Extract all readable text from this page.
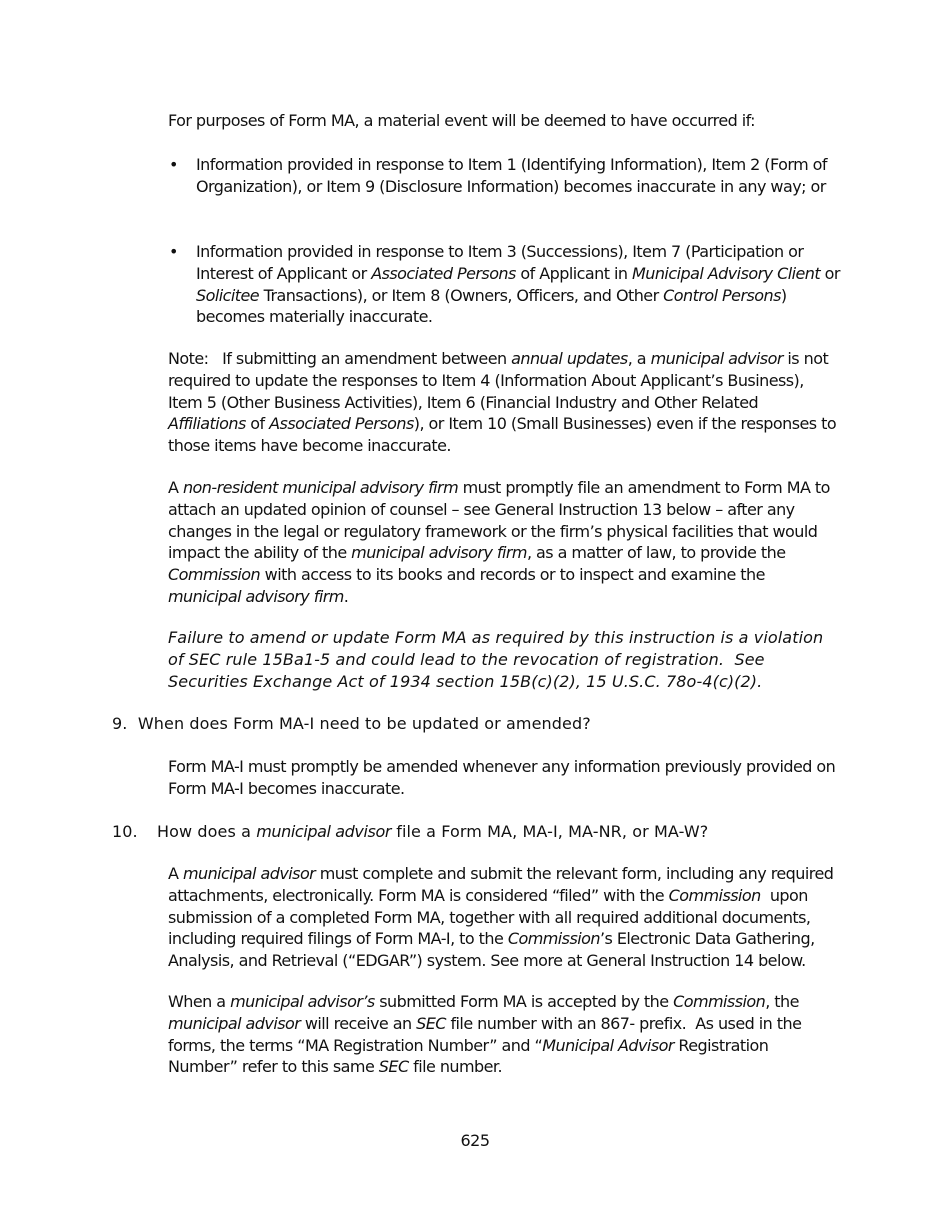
For purposes of Form MA, a material event will be deemed to have occurred if:
• Information provided in response to Item 1 (Identifying Information), Item 2 (Form of Organization), or Item 9 (Disclosure Information) becomes inaccurate in any way; or
• Information provided in response to Item 3 (Successions), Item 7 (Participation or Interest of Applicant or Associated Persons of Applicant in Municipal Advisory Client or Solicitee Transactions), or Item 8 (Owners, Officers, and Other Control Persons) becomes materially inaccurate.
Note:   If submitting an amendment between annual updates, a municipal advisor is not required to update the responses to Item 4 (Information About Applicant’s Business), Item 5 (Other Business Activities), Item 6 (Financial Industry and Other Related Affiliations of Associated Persons), or Item 10 (Small Businesses) even if the responses to those items have become inaccurate.
A non-resident municipal advisory firm must promptly file an amendment to Form MA to attach an updated opinion of counsel – see General Instruction 13 below – after any changes in the legal or regulatory framework or the firm’s physical facilities that would impact the ability of the municipal advisory firm, as a matter of law, to provide the Commission with access to its books and records or to inspect and examine the municipal advisory firm.
Failure to amend or update Form MA as required by this instruction is a violation of SEC rule 15Ba1-5 and could lead to the revocation of registration.  See Securities Exchange Act of 1934 section 15B(c)(2), 15 U.S.C. 78o-4(c)(2).
9. When does Form MA-I need to be updated or amended?
Form MA-I must promptly be amended whenever any information previously provided on Form MA-I becomes inaccurate.
10. How does a municipal advisor file a Form MA, MA-I, MA-NR, or MA-W?
A municipal advisor must complete and submit the relevant form, including any required attachments, electronically. Form MA is considered “filed” with the Commission  upon submission of a completed Form MA, together with all required additional documents, including required filings of Form MA-I, to the Commission’s Electronic Data Gathering, Analysis, and Retrieval (“EDGAR”) system. See more at General Instruction 14 below.
When a municipal advisor’s submitted Form MA is accepted by the Commission, the municipal advisor will receive an SEC file number with an 867- prefix.  As used in the forms, the terms “MA Registration Number” and “Municipal Advisor Registration Number” refer to this same SEC file number.
625
